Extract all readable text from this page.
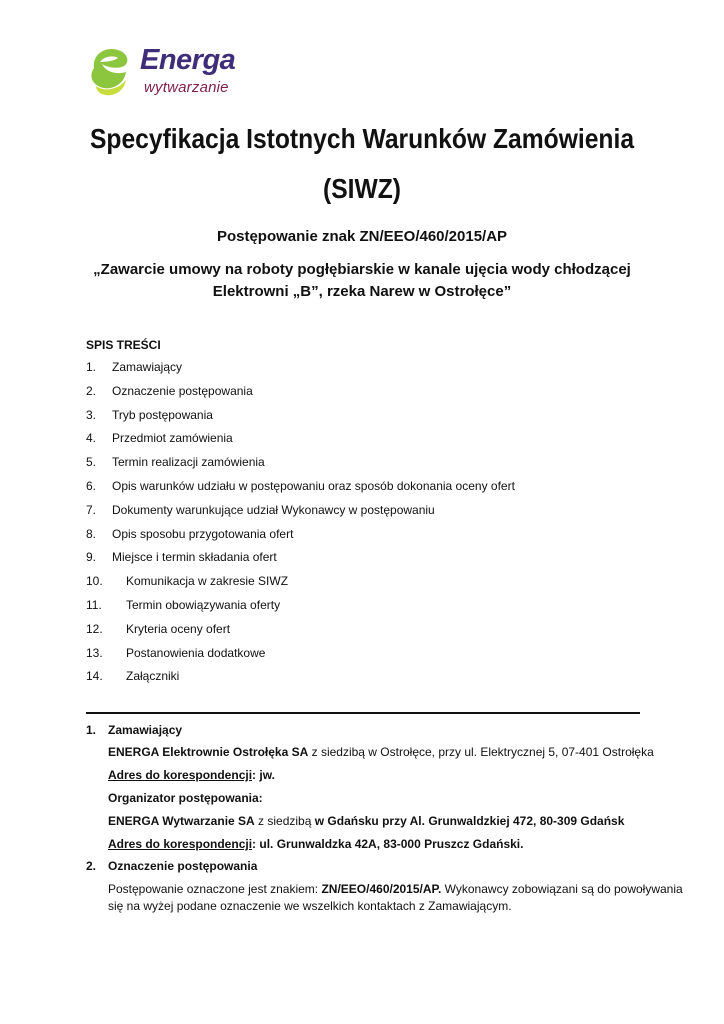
Energa
wytwarzanie
Specyfikacja Istotnych Warunków Zamówienia
(SIWZ)
Postępowanie znak ZN/EEO/460/2015/AP
„Zawarcie umowy na roboty pogłębiarskie w kanale ujęcia wody chłodzącej
Elektrowni „B”, rzeka Narew w Ostrołęce”
SPIS TREŚCI
1. Zamawiający
2. Oznaczenie postępowania
3. Tryb postępowania
4. Przedmiot zamówienia
5. Termin realizacji zamówienia
6. Opis warunków udziału w postępowaniu oraz sposób dokonania oceny ofert
7. Dokumenty warunkujące udział Wykonawcy w postępowaniu
8. Opis sposobu przygotowania ofert
9. Miejsce i termin składania ofert
10. Komunikacja w zakresie SIWZ
11. Termin obowiązywania oferty
12. Kryteria oceny ofert
13. Postanowienia dodatkowe
14. Załączniki
1. Zamawiający
ENERGA Elektrownie Ostrołęka SA z siedzibą w Ostrołęce, przy ul. Elektrycznej 5, 07-401 Ostrołęka
Adres do korespondencji: jw.
Organizator postępowania:
ENERGA Wytwarzanie SA z siedzibą w Gdańsku przy Al. Grunwaldzkiej 472, 80-309 Gdańsk
Adres do korespondencji: ul. Grunwaldzka 42A, 83-000 Pruszcz Gdański.
2. Oznaczenie postępowania
Postępowanie oznaczone jest znakiem: ZN/EEO/460/2015/AP. Wykonawcy zobowiązani są do powoływania
się na wyżej podane oznaczenie we wszelkich kontaktach z Zamawiającym.
